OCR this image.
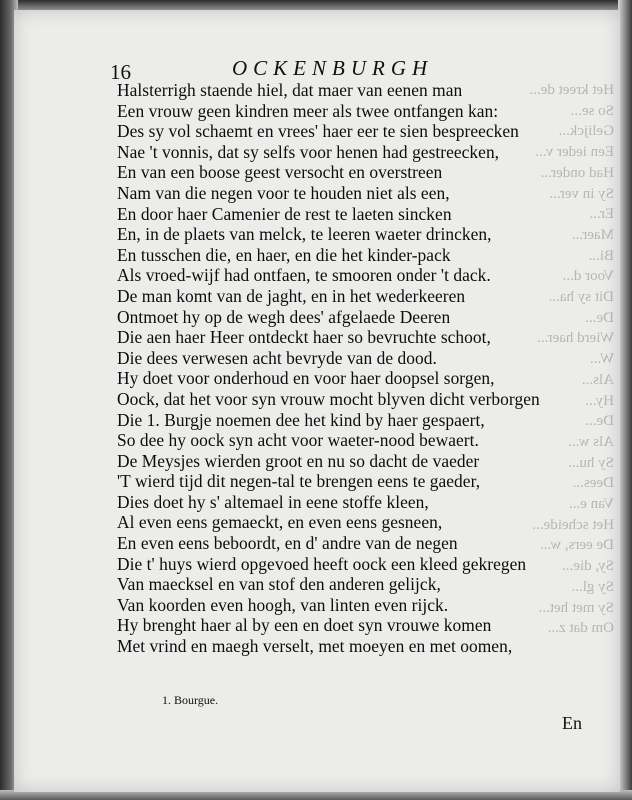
Het kreet de...
So se...
Gelijck...
Een ieder v...
Had onder...
Sy in ver...
Er...
Maer...
Bi...
Voor d...
Dit sy ha...
De...
Wierd haer...
W...
Als...
Hy...
De...
Als w...
Sy hu...
Dees...
Van e...
Het scheide...
De eers, w...
Sy, die...
Sy gl...
Sy met het...
Om dat z...
16	OCKENBURGH
Halsterrigh staende hiel, dat maer van eenen man
Een vrouw geen kindren meer als twee ontfangen kan:
Des sy vol schaemt en vrees' haer eer te sien bespreecken
Nae 't vonnis, dat sy selfs voor henen had gestreecken,
En van een boose geest versocht en overstreen
Nam van die negen voor te houden niet als een,
En door haer Camenier de rest te laeten sincken
En, in de plaets van melck, te leeren waeter drincken,
En tusschen die, en haer, en die het kinder-pack
Als vroed-wijf had ontfaen, te smooren onder 't dack.
De man komt van de jaght, en in het wederkeeren
Ontmoet hy op de wegh dees' afgelaede Deeren
Die aen haer Heer ontdeckt haer so bevruchte schoot,
Die dees verwesen acht bevryde van de dood.
Hy doet voor onderhoud en voor haer doopsel sorgen,
Oock, dat het voor syn vrouw mocht blyven dicht verborgen
Die 1. Burgje noemen dee het kind by haer gespaert,
So dee hy oock syn acht voor waeter-nood bewaert.
De Meysjes wierden groot en nu so dacht de vaeder
'T wierd tijd dit negen-tal te brengen eens te gaeder,
Dies doet hy s' altemael in eene stoffe kleen,
Al even eens gemaeckt, en even eens gesneen,
En even eens beboordt, en d' andre van de negen
Die t' huys wierd opgevoed heeft oock een kleed gekregen
Van maecksel en van stof den anderen gelijck,
Van koorden even hoogh, van linten even rijck.
Hy brenght haer al by een en doet syn vrouwe komen
Met vrind en maegh verselt, met moeyen en met oomen,
1. Bourgue.
En
